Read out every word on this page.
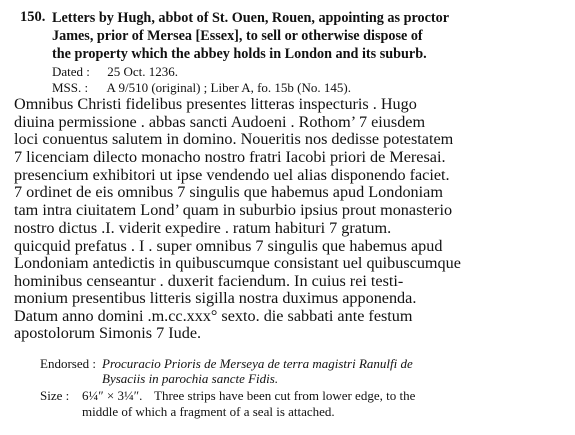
150. Letters by Hugh, abbot of St. Ouen, Rouen, appointing as proctor
James, prior of Mersea [Essex], to sell or otherwise dispose of
the property which the abbey holds in London and its suburb.
Dated : 25 Oct. 1236.
MSS. : A 9/510 (original) ; Liber A, fo. 15b (No. 145).
Omnibus Christi fidelibus presentes litteras inspecturis . Hugo
diuina permissione . abbas sancti Audoeni . Rothom’ 7 eiusdem
loci conuentus salutem in domino. Noueritis nos dedisse potestatem
7 licenciam dilecto monacho nostro fratri Iacobi priori de Meresai.
presencium exhibitori ut ipse vendendo uel alias disponendo faciet.
7 ordinet de eis omnibus 7 singulis que habemus apud Londoniam
tam intra ciuitatem Lond’ quam in suburbio ipsius prout monasterio
nostro dictus .I. viderit expedire . ratum habituri 7 gratum.
quicquid prefatus . I . super omnibus 7 singulis que habemus apud
Londoniam antedictis in quibuscumque consistant uel quibuscumque
hominibus censeantur . duxerit faciendum. In cuius rei testi-
monium presentibus litteris sigilla nostra duximus apponenda.
Datum anno domini .m.cc.xxx° sexto. die sabbati ante festum
apostolorum Simonis 7 Iude.
Endorsed : Procuracio Prioris de Merseya de terra magistri Ranulfi de
Bysaciis in parochia sancte Fidis.
Size : 6¼″ × 3¼″. Three strips have been cut from lower edge, to the
middle of which a fragment of a seal is attached.
